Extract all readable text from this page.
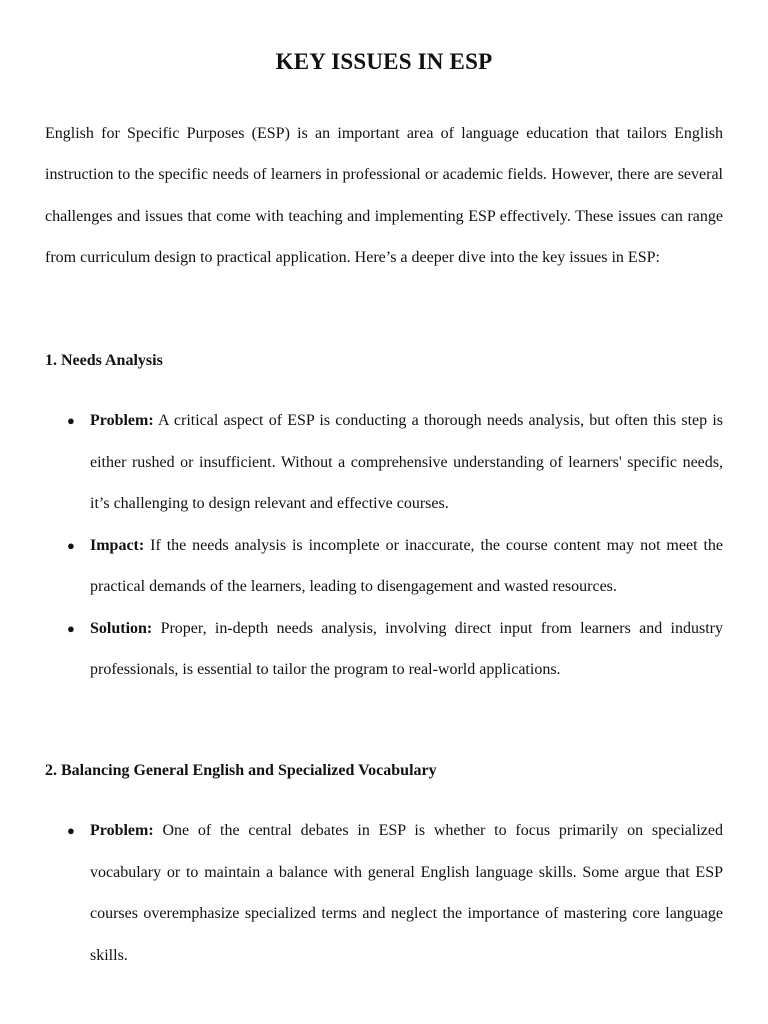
KEY ISSUES IN ESP

English for Specific Purposes (ESP) is an important area of language education that tailors English instruction to the specific needs of learners in professional or academic fields. However, there are several challenges and issues that come with teaching and implementing ESP effectively. These issues can range from curriculum design to practical application. Here’s a deeper dive into the key issues in ESP:

1. Needs Analysis
● Problem: A critical aspect of ESP is conducting a thorough needs analysis, but often this step is either rushed or insufficient. Without a comprehensive understanding of learners' specific needs, it’s challenging to design relevant and effective courses.
● Impact: If the needs analysis is incomplete or inaccurate, the course content may not meet the practical demands of the learners, leading to disengagement and wasted resources.
● Solution: Proper, in-depth needs analysis, involving direct input from learners and industry professionals, is essential to tailor the program to real-world applications.
2. Balancing General English and Specialized Vocabulary
● Problem: One of the central debates in ESP is whether to focus primarily on specialized vocabulary or to maintain a balance with general English language skills. Some argue that ESP courses overemphasize specialized terms and neglect the importance of mastering core language skills.
